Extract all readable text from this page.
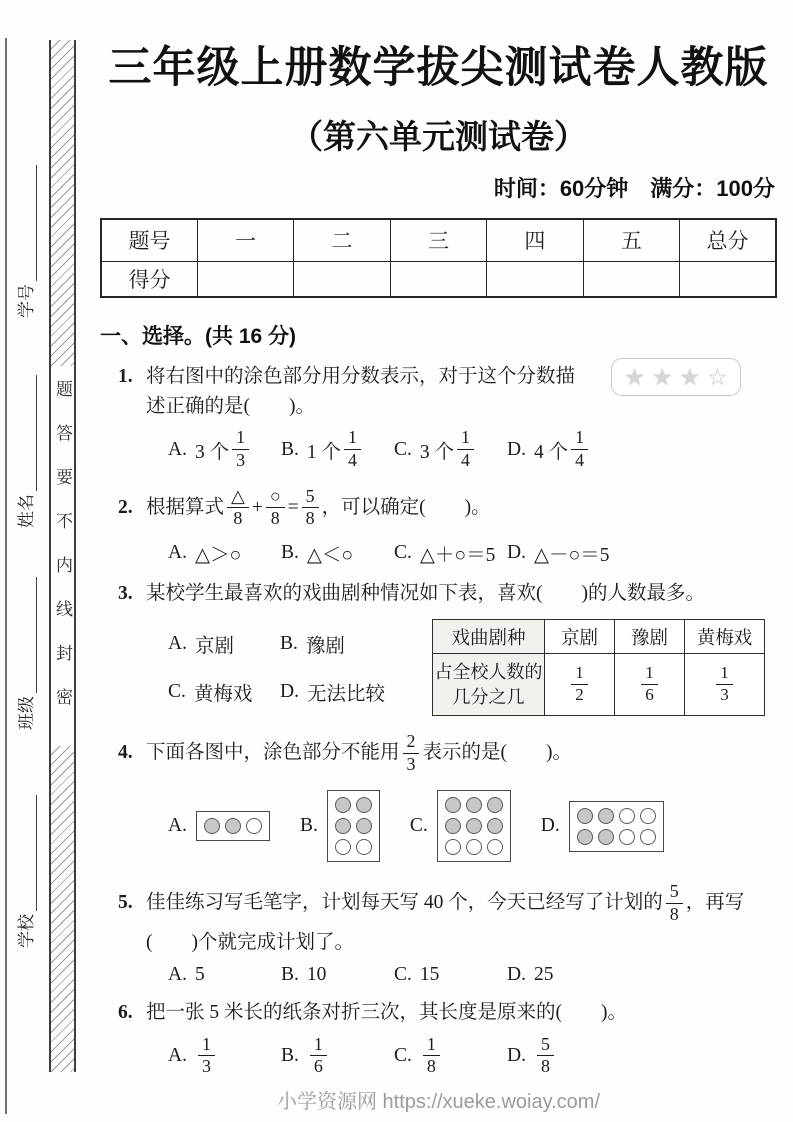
学号
姓名
班级
学校
题答要不内线封密
三年级上册数学拔尖测试卷人教版
（第六单元测试卷）
时间：60分钟　满分：100分
题号	一	二	三	四	五	总分
得分						
一、选择。(共 16 分)
★ ★ ★ ☆
1. 将右图中的涂色部分用分数表示，对于这个分数描
述正确的是(　　)。
A. 3 个 $\frac{1}{3} B$. 1 个 $\frac{1}{4} C$. 3 个 $\frac{1}{4} D$. 4 个 $\frac{1}{4}$
2. 根据算式 $\frac{\triangle}{8} + \frac{○}{8} = \frac{5}{8}$ ，可以确定(　　)。
A. △＞○ B. △＜○ C. △＋○＝5 D. △－○＝5
3. 某校学生最喜欢的戏曲剧种情况如下表，喜欢(　　)的人数最多。
A. 京剧 B. 豫剧
C. 黄梅戏 D. 无法比较
戏曲剧种	京剧	豫剧	黄梅戏

占全校人数的
几分之几	$\frac{1}{2}$	$\frac{1}{6}$	$\frac{1}{3}$
4. 下面各图中，涂色部分不能用 $\frac{2}{3}$ 表示的是(　　)。
A.	B.	C.	D.
5. 佳佳练习写毛笔字，计划每天写 40 个，今天已经写了计划的 $\frac{5}{8}$ ，再写
(　　)个就完成计划了。
A. 5	B. 10	C. 15	D. 25
6. 把一张 5 米长的纸条对折三次，其长度是原来的(　　)。
A. $\frac{1}{3}$	B. $\frac{1}{6}$	C. $\frac{1}{8}$	D. $\frac{5}{8}$
小学资源网 https://xueke.woiay.com/
